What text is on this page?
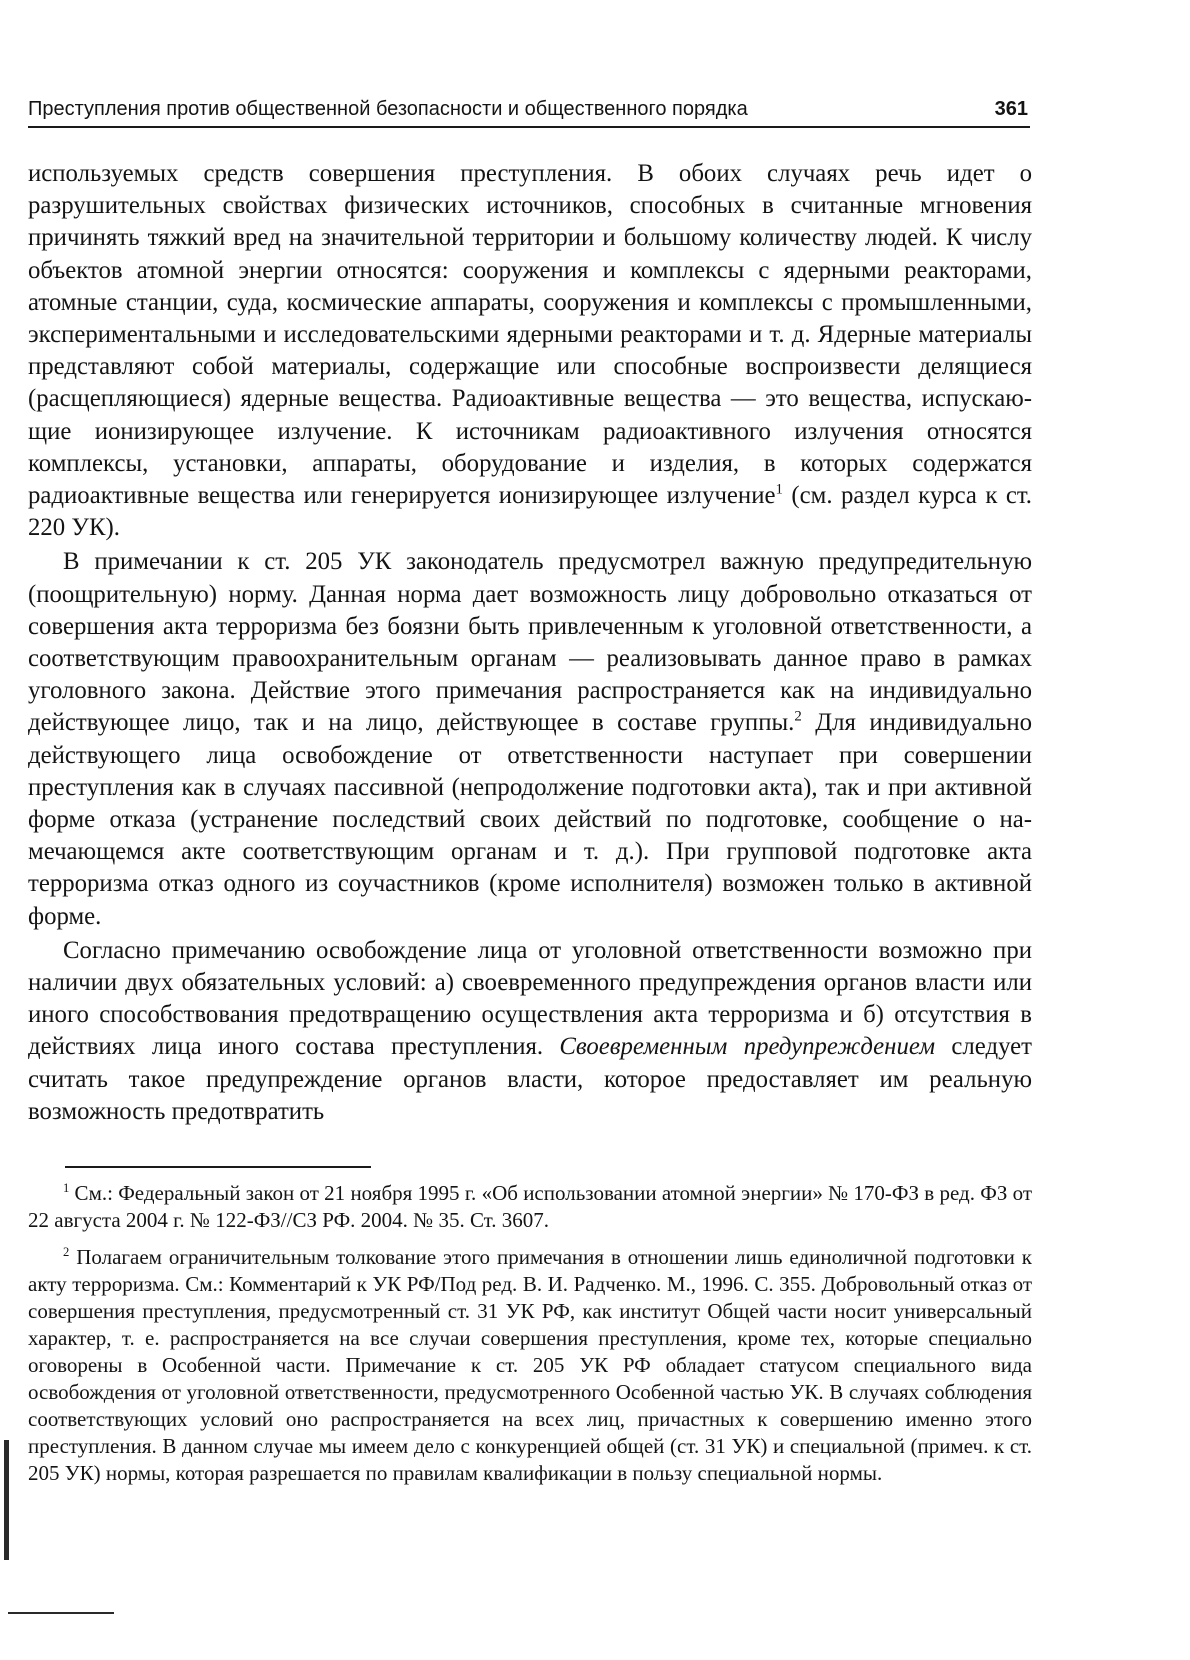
Преступления против общественной безопасности и общественного порядка	361

используемых средств совершения преступления. В обоих случаях речь идет о разрушительных свойствах физических источников, способных в считанные мгновения причинять тяжкий вред на значительной территории и большому количеству людей. К числу объектов атомной энергии относятся: сооружения и комплексы с ядерными реакторами, атомные станции, суда, космические аппараты, сооружения и комплексы с промышленными, экспериментальными и исследовательскими ядерными реакторами и т. д. Ядерные материалы представляют собой материалы, содержащие или способные воспроизвести делящиеся (расщепляющиеся) ядерные вещества. Радиоактивные вещества — это вещества, испускающие ионизирующее излучение. К источникам радиоактивного излучения относятся комплексы, установки, аппараты, оборудование и изделия, в которых содержатся радиоактивные вещества или генерируется ионизирующее излучение$^1$ (см. раздел курса к ст. 220 УК).

В примечании к ст. 205 УК законодатель предусмотрел важную предупредительную (поощрительную) норму. Данная норма дает возможность лицу добровольно отказаться от совершения акта терроризма без боязни быть привлеченным к уголовной ответственности, а соответствующим правоохранительным органам — реализовывать данное право в рамках уголовного закона. Действие этого примечания распространяется как на индивидуально действующее лицо, так и на лицо, действующее в составе группы.$^2$ Для индивидуально действующего лица освобождение от ответственности наступает при совершении преступления как в случаях пассивной (непродолжение подготовки акта), так и при активной форме отказа (устранение последствий своих действий по подготовке, сообщение о намечающемся акте соответствующим органам и т. д.). При групповой подготовке акта терроризма отказ одного из соучастников (кроме исполнителя) возможен только в активной форме.

Согласно примечанию освобождение лица от уголовной ответственности возможно при наличии двух обязательных условий: а) своевременного предупреждения органов власти или иного способствования предотвращению осуществления акта терроризма и б) отсутствия в действиях лица иного состава преступления. Своевременным предупреждением следует считать такое предупреждение органов власти, которое предоставляет им реальную возможность предотвратить

$^1$ См.: Федеральный закон от 21 ноября 1995 г. «Об использовании атомной энергии» № 170-ФЗ в ред. ФЗ от 22 августа 2004 г. № 122-ФЗ//СЗ РФ. 2004. № 35. Ст. 3607.

$^2$ Полагаем ограничительным толкование этого примечания в отношении лишь единоличной подготовки к акту терроризма. См.: Комментарий к УК РФ/Под ред. В. И. Радченко. М., 1996. С. 355. Добровольный отказ от совершения преступления, предусмотренный ст. 31 УК РФ, как институт Общей части носит универсальный характер, т. е. распространяется на все случаи совершения преступления, кроме тех, которые специально оговорены в Особенной части. Примечание к ст. 205 УК РФ обладает статусом специального вида освобождения от уголовной ответственности, предусмотренного Особенной частью УК. В случаях соблюдения соответствующих условий оно распространяется на всех лиц, причастных к совершению именно этого преступления. В данном случае мы имеем дело с конкуренцией общей (ст. 31 УК) и специальной (примеч. к ст. 205 УК) нормы, которая разрешается по правилам квалификации в пользу специальной нормы.
